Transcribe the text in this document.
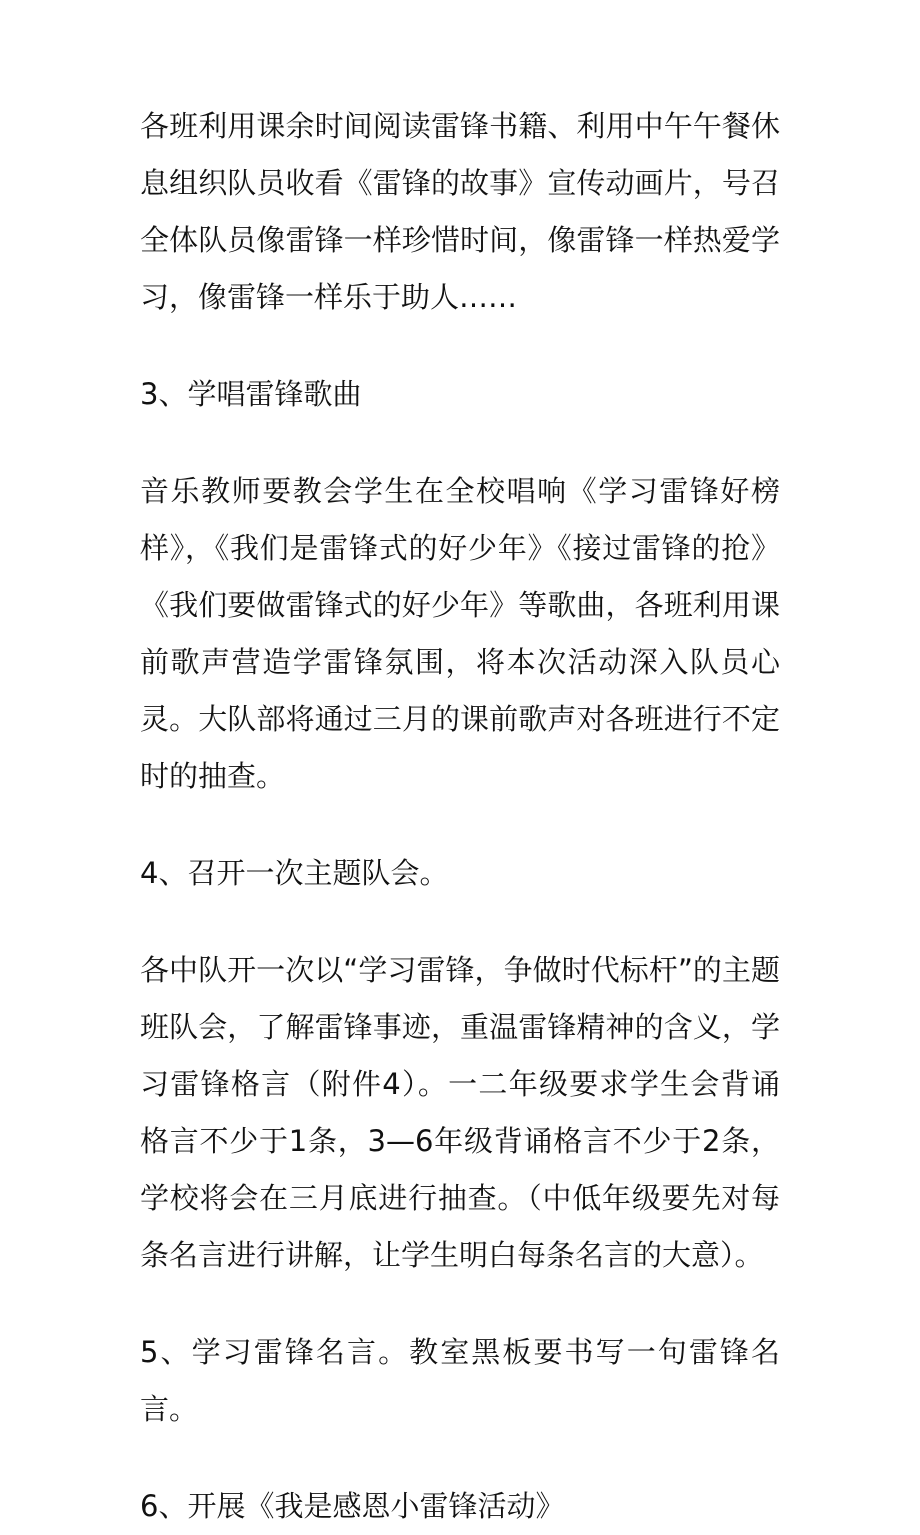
各班利用课余时间阅读雷锋书籍、利用中午午餐休息组织队员收看《雷锋的故事》宣传动画片，号召全体队员像雷锋一样珍惜时间，像雷锋一样热爱学习，像雷锋一样乐于助人……

3、学唱雷锋歌曲

音乐教师要教会学生在全校唱响《学习雷锋好榜样》，《我们是雷锋式的好少年》《接过雷锋的抢》《我们要做雷锋式的好少年》等歌曲，各班利用课前歌声营造学雷锋氛围，将本次活动深入队员心灵。大队部将通过三月的课前歌声对各班进行不定时的抽查。

4、召开一次主题队会。

各中队开一次以“学习雷锋，争做时代标杆”的主题班队会，了解雷锋事迹，重温雷锋精神的含义，学习雷锋格言（附件4）。一二年级要求学生会背诵格言不少于1条，3—6年级背诵格言不少于2条，学校将会在三月底进行抽查。（中低年级要先对每条名言进行讲解，让学生明白每条名言的大意）。

5、学习雷锋名言。教室黑板要书写一句雷锋名言。

6、开展《我是感恩小雷锋活动》
